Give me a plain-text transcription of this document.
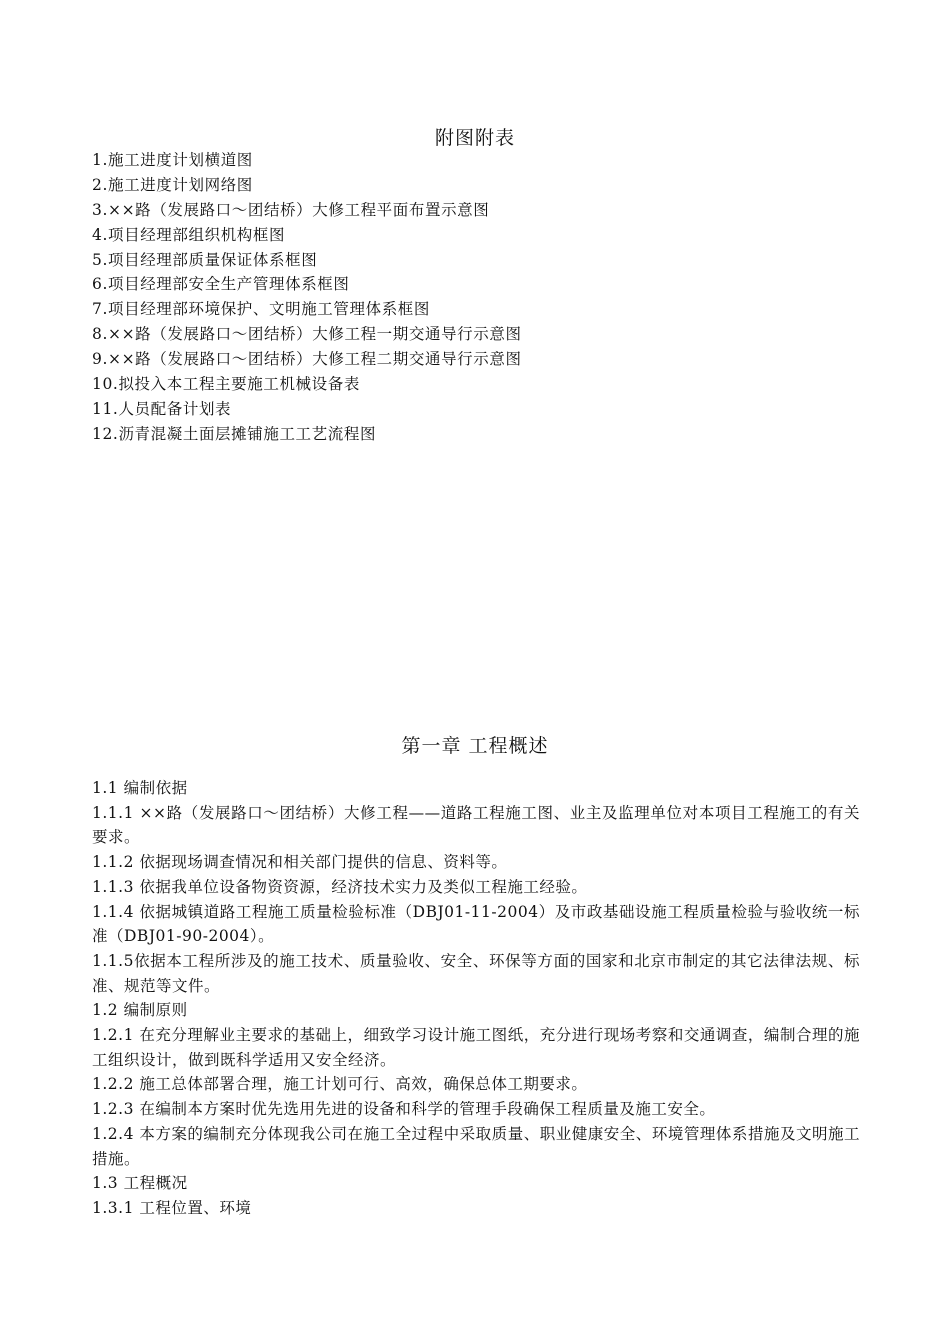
附图附表
1.施工进度计划横道图
2.施工进度计划网络图
3.××路（发展路口～团结桥）大修工程平面布置示意图
4.项目经理部组织机构框图
5.项目经理部质量保证体系框图
6.项目经理部安全生产管理体系框图
7.项目经理部环境保护、文明施工管理体系框图
8.××路（发展路口～团结桥）大修工程一期交通导行示意图
9.××路（发展路口～团结桥）大修工程二期交通导行示意图
10.拟投入本工程主要施工机械设备表
11.人员配备计划表
12.沥青混凝土面层摊铺施工工艺流程图
第一章 工程概述

1.1 编制依据

1.1.1 ××路（发展路口～团结桥）大修工程——道路工程施工图、业主及监理单位对本项目工程施工的有关要求。

1.1.2 依据现场调查情况和相关部门提供的信息、资料等。

1.1.3 依据我单位设备物资资源，经济技术实力及类似工程施工经验。

1.1.4 依据城镇道路工程施工质量检验标准（DBJ01-11-2004）及市政基础设施工程质量检验与验收统一标准（DBJ01-90-2004）。

1.1.5依据本工程所涉及的施工技术、质量验收、安全、环保等方面的国家和北京市制定的其它法律法规、标准、规范等文件。

1.2 编制原则

1.2.1 在充分理解业主要求的基础上，细致学习设计施工图纸，充分进行现场考察和交通调查，编制合理的施工组织设计，做到既科学适用又安全经济。

1.2.2 施工总体部署合理，施工计划可行、高效，确保总体工期要求。

1.2.3 在编制本方案时优先选用先进的设备和科学的管理手段确保工程质量及施工安全。

1.2.4 本方案的编制充分体现我公司在施工全过程中采取质量、职业健康安全、环境管理体系措施及文明施工措施。

1.3 工程概况

1.3.1 工程位置、环境
